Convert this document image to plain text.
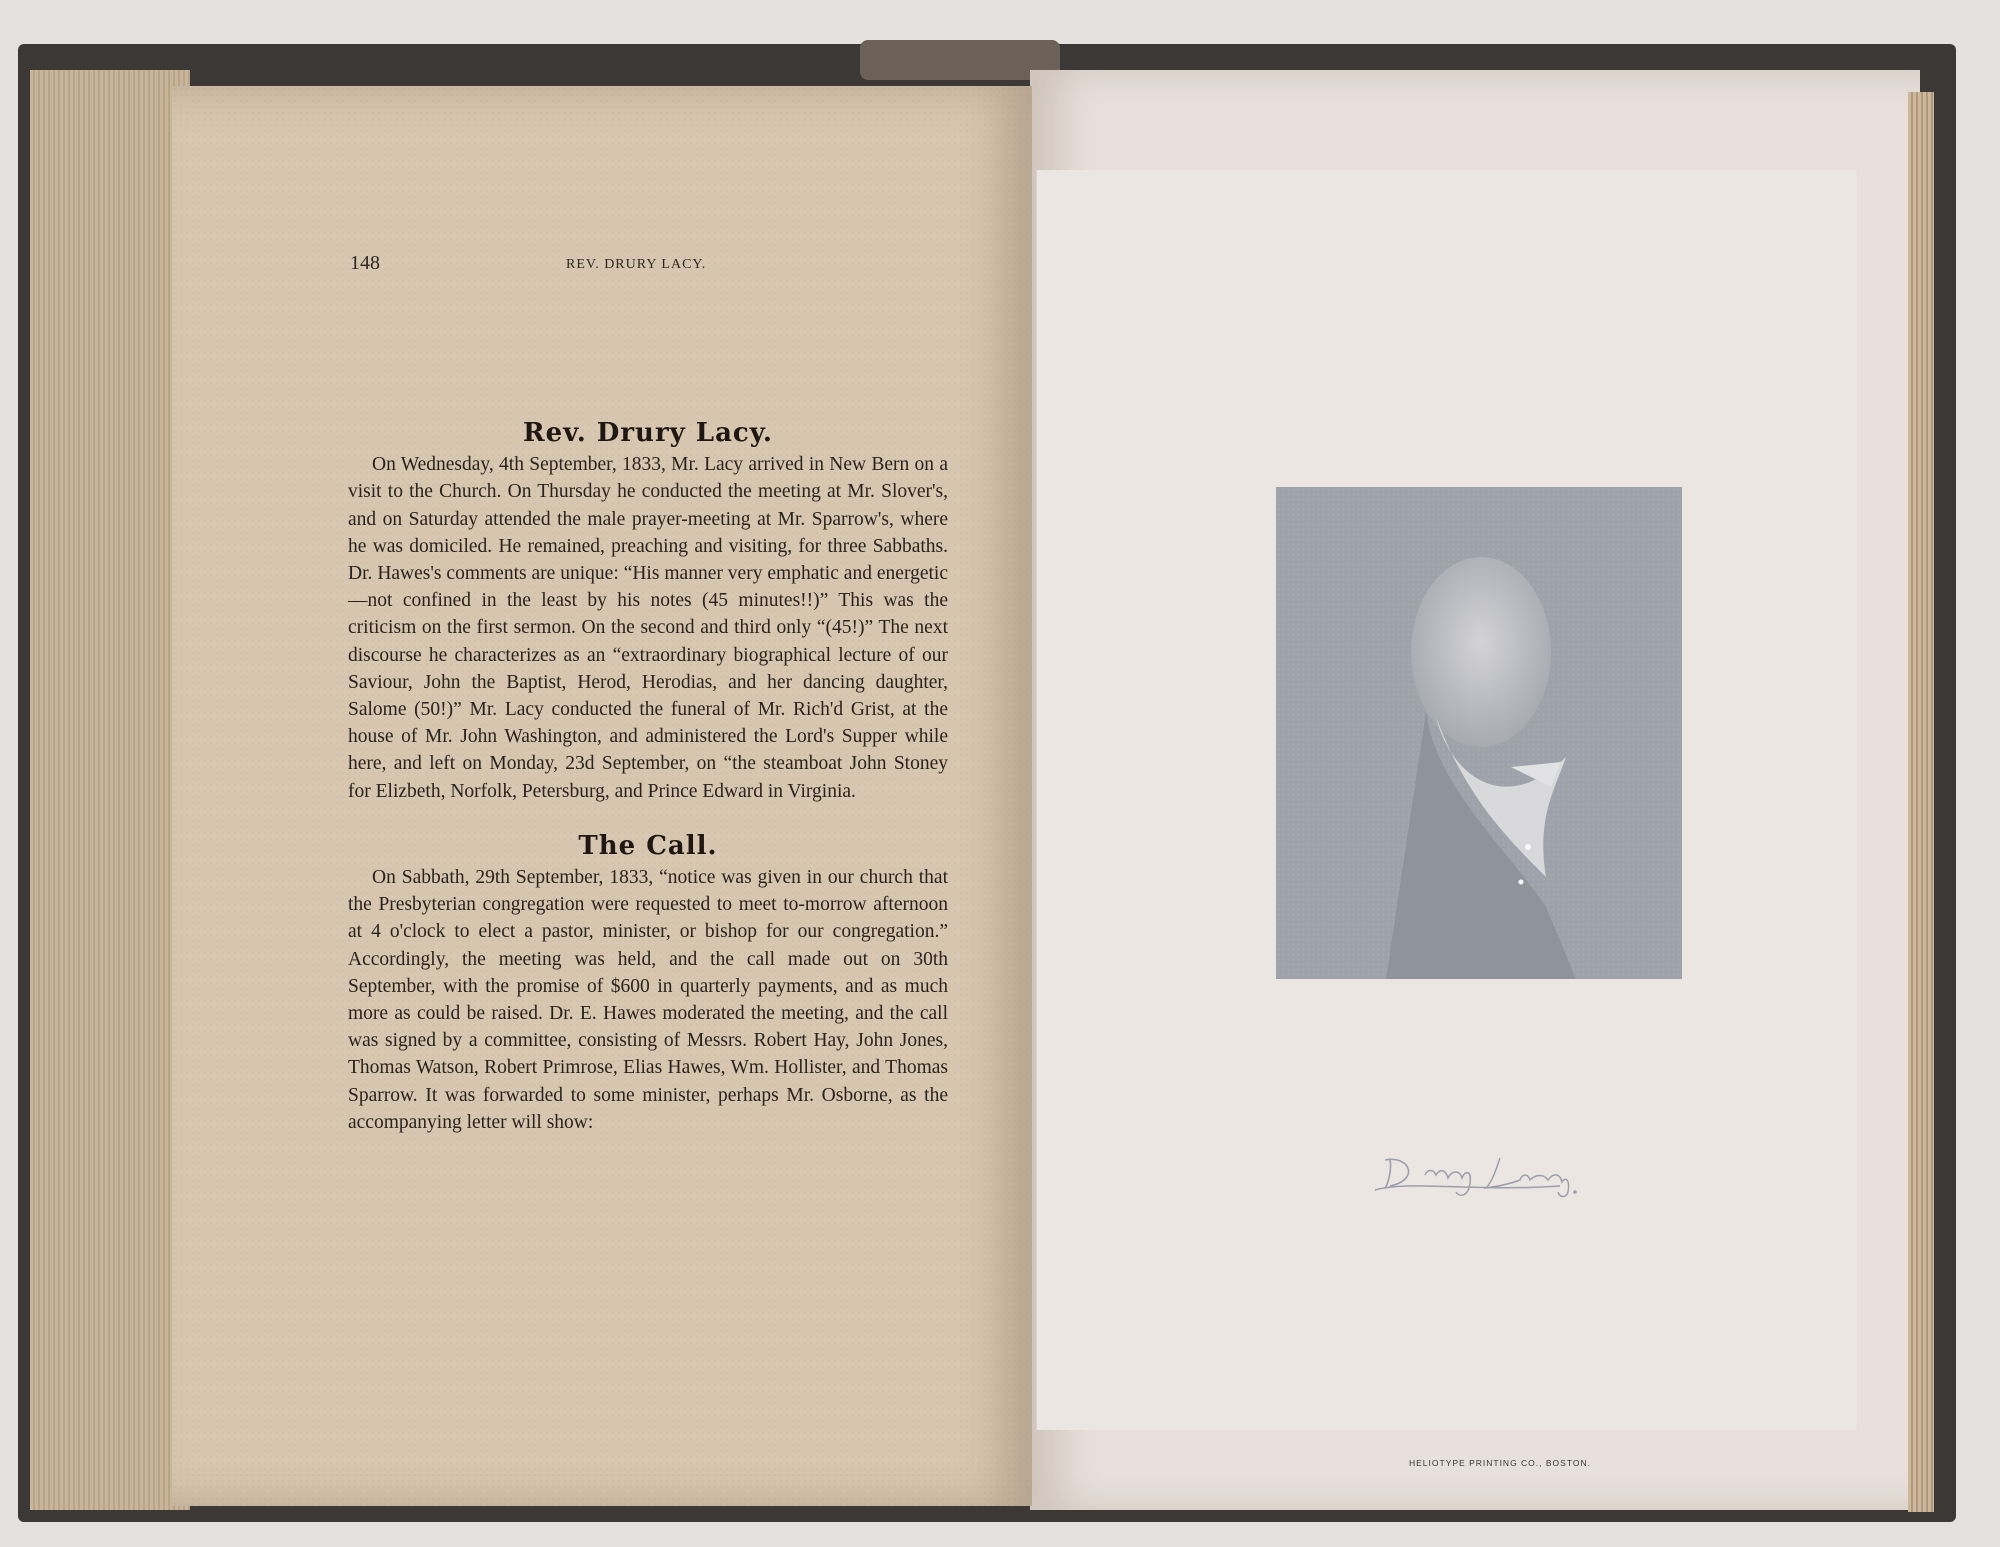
148	REV. DRURY LACY.
Rev. Drury Lacy.

On Wednesday, 4th September, 1833, Mr. Lacy arrived in New Bern on a visit to the Church. On Thursday he conducted the meeting at Mr. Slover's, and on Saturday attended the male prayer-meeting at Mr. Sparrow's, where he was domiciled. He remained, preaching and visiting, for three Sabbaths. Dr. Hawes's comments are unique: “His manner very emphatic and energetic—not confined in the least by his notes (45 minutes!!)” This was the criticism on the first sermon. On the second and third only “(45!)” The next discourse he characterizes as an “extraordinary biographical lecture of our Saviour, John the Baptist, Herod, Herodias, and her dancing daughter, Salome (50!)” Mr. Lacy conducted the funeral of Mr. Rich'd Grist, at the house of Mr. John Washington, and administered the Lord's Supper while here, and left on Monday, 23d September, on “the steamboat John Stoney for Elizbeth, Norfolk, Petersburg, and Prince Edward in Virginia.

The Call.

On Sabbath, 29th September, 1833, “notice was given in our church that the Presbyterian congregation were requested to meet to-morrow afternoon at 4 o'clock to elect a pastor, minister, or bishop for our congregation.” Accordingly, the meeting was held, and the call made out on 30th September, with the promise of $600 in quarterly payments, and as much more as could be raised. Dr. E. Hawes moderated the meeting, and the call was signed by a committee, consisting of Messrs. Robert Hay, John Jones, Thomas Watson, Robert Primrose, Elias Hawes, Wm. Hollister, and Thomas Sparrow. It was forwarded to some minister, perhaps Mr. Osborne, as the accompanying letter will show:

HELIOTYPE PRINTING CO., BOSTON.
